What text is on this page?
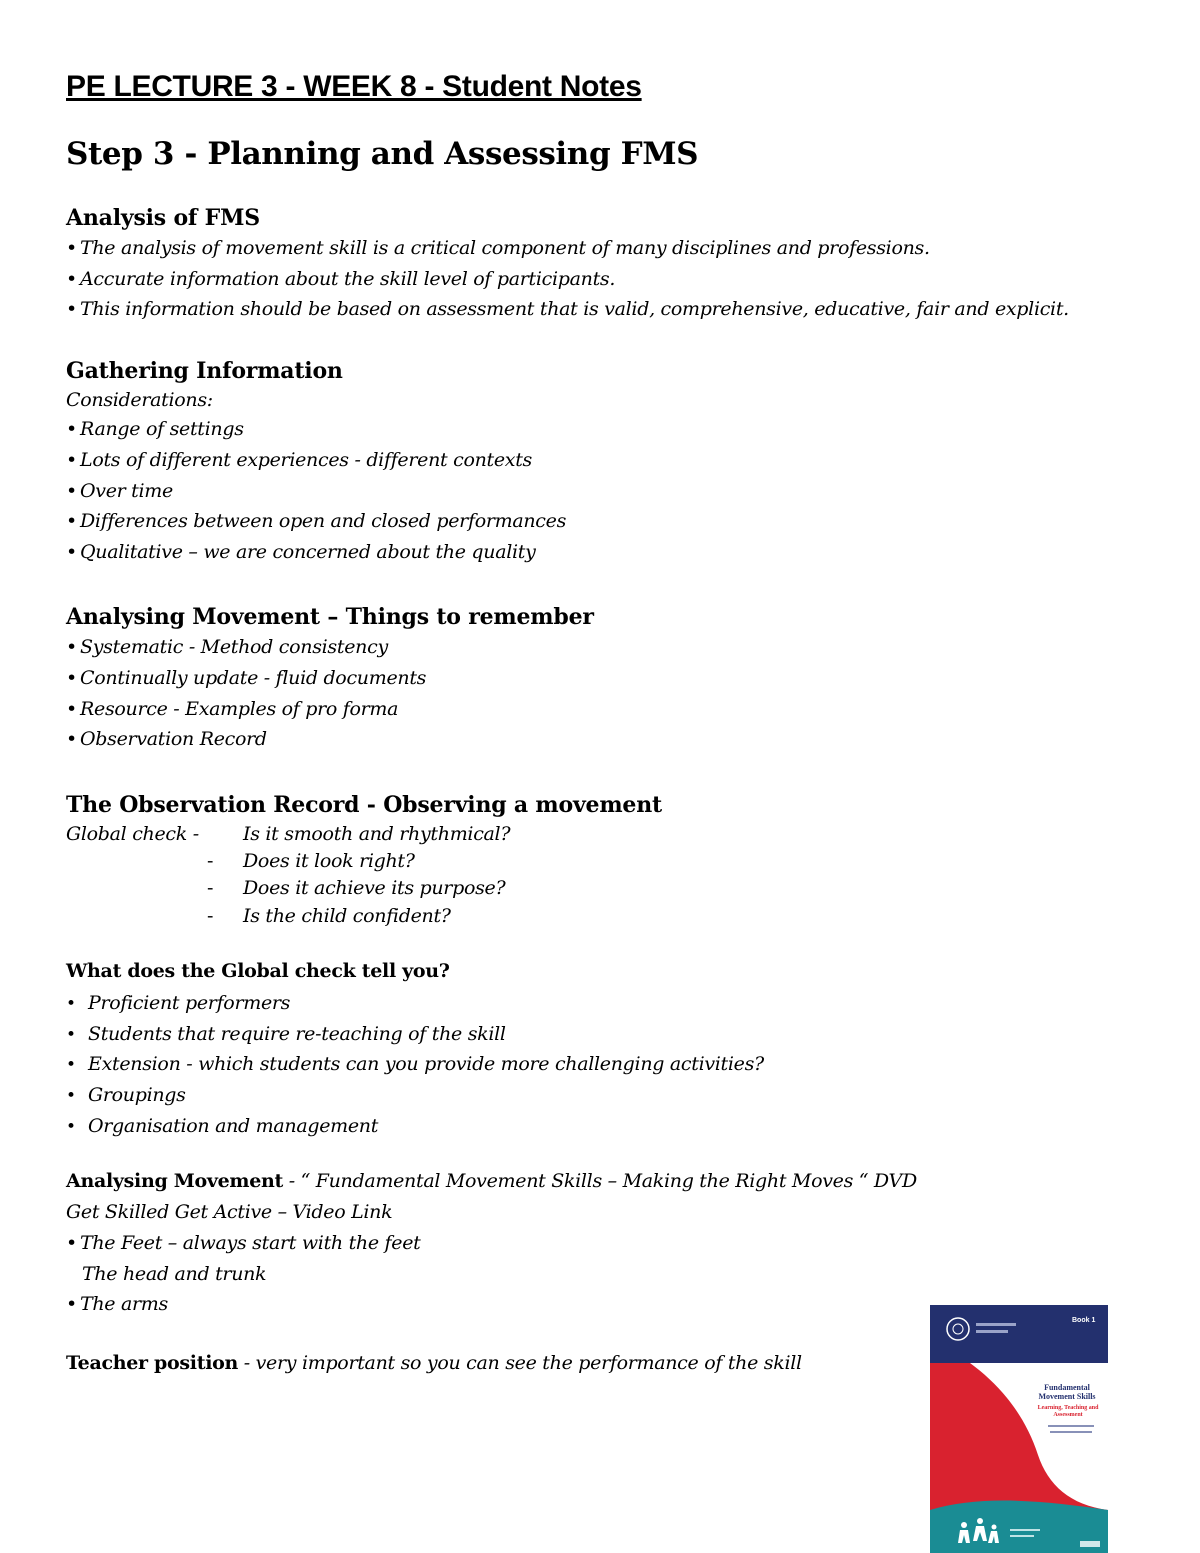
PE LECTURE 3 - WEEK 8 - Student Notes
Step 3 - Planning and Assessing FMS
Analysis of FMS
• The analysis of movement skill is a critical component of many disciplines and professions.
• Accurate information about the skill level of participants.
• This information should be based on assessment that is valid, comprehensive, educative, fair and explicit.
Gathering Information
Considerations:
• Range of settings
• Lots of different experiences - different contexts
• Over time
• Differences between open and closed performances
• Qualitative – we are concerned about the quality
Analysing Movement – Things to remember
• Systematic - Method consistency
• Continually update - fluid documents
• Resource - Examples of pro forma
• Observation Record
The Observation Record - Observing a movement
Global check - Is it smooth and rhythmical?
- Does it look right?
- Does it achieve its purpose?
- Is the child confident?
What does the Global check tell you?
• Proficient performers
• Students that require re-teaching of the skill
• Extension - which students can you provide more challenging activities?
• Groupings
• Organisation and management
Analysing Movement - “ Fundamental Movement Skills – Making the Right Moves “ DVD
Get Skilled Get Active – Video Link
• The Feet – always start with the feet
The head and trunk
• The arms
Teacher position - very important so you can see the performance of the skill
Book 1
Fundamental
Movement Skills
Learning, Teaching and Assessment
